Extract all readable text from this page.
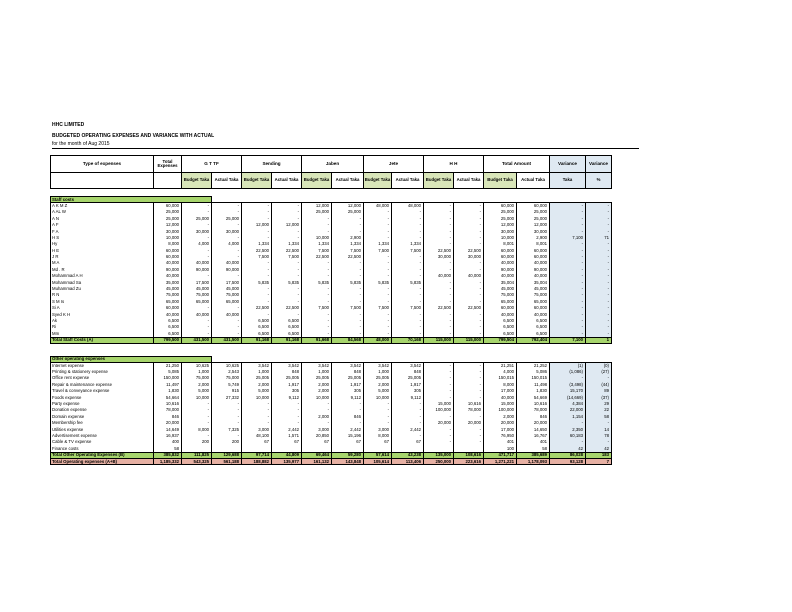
HHC LIMITED
BUDGETED OPERATING EXPENSES AND VARIANCE WITH ACTUAL
for the month of Aug 2015
Type of expenses	Total Expenses	G T TF		Sending		Jaben		Jete		H H		Total Amount		Variance	Variance
		Budget Taka	Actual Taka	Budget Taka	Actual Taka	Budget Taka	Actual Taka	Budget Taka	Actual Taka	Budget Taka	Actual Taka	Budget Taka	Actual Taka	Taka	%
Staff costs															
A K M Z	60,000	-	-	-	-	12,000	12,000	48,000	48,000	-	-	60,000	60,000	-	-
A AL W	25,000	-	-	-	-	25,000	25,000	-	-	-	-	25,000	25,000	-	-
A N	25,000	25,000	25,000	-	-	-	-	-	-	-	-	25,000	25,000	-	-
A F	12,000	-	-	12,000	12,000	-	-	-	-	-	-	12,000	12,000	-	-
F A	30,000	30,000	30,000	-	-	-	-	-	-	-	-	30,000	30,000	-	-
H S	10,000	-	-	-	-	10,000	2,900	-	-	-	-	10,000	2,900	7,100	71
Hy	8,000	4,000	4,000	1,334	1,334	1,334	1,334	1,334	1,334	-	-	8,001	8,001	-	-
H E	60,000	-	-	22,500	22,500	7,500	7,500	7,500	7,500	22,500	22,500	60,000	60,000	-	-
J R	60,000	-	-	7,500	7,500	22,500	22,500	-	-	30,000	30,000	60,000	60,000	-	-
M A	40,000	40,000	40,000	-	-	-	-	-	-	-	-	40,000	40,000	-	-
Md . R	90,000	90,000	90,000	-	-	-	-	-	-	-	-	90,000	90,000	-	-
Mohammad A H	40,000	-	-	-	-	-	-	-	-	40,000	40,000	40,000	40,000	-	-
Mohammad Sa	35,000	17,500	17,500	5,835	5,835	5,835	5,835	5,835	5,835	-	-	35,004	35,004	-	-
Muhammad Zu	45,000	45,000	45,000	-	-	-	-	-	-	-	-	45,000	45,000	-	-
R N	75,000	75,000	75,000	-	-	-	-	-	-	-	-	75,000	75,000	-	-
S M Is	65,000	65,000	65,000	-	-	-	-	-	-	-	-	65,000	65,000	-	-
Si A	60,000	-	-	22,500	22,500	7,500	7,500	7,500	7,500	22,500	22,500	60,000	60,000	-	-
Syed K H	40,000	40,000	40,000	-	-	-	-	-	-	-	-	40,000	40,000	-	-
Ak	6,500	-	-	6,500	6,500	-	-	-	-	-	-	6,500	6,500	-	-
Ri	6,500	-	-	6,500	6,500	-	-	-	-	-	-	6,500	6,500	-	-
Mm	6,500	-	-	6,500	6,500	-	-	-	-	-	-	6,500	6,500	-	-
Total Staff Costs (A)	799,500	431,500	431,500	91,168	91,168	91,668	84,568	48,000	70,168	115,000	115,000	799,504	792,404	7,100	1

Other operating expenses															
Internet expense	21,250	10,625	10,625	3,542	3,542	3,542	3,542	3,542	3,542	-	-	21,251	21,252	(1)	(0)
Printing & stationery expense	5,085	1,000	2,543	1,000	848	1,000	848	1,000	848	-	-	4,000	5,086	(1,086)	(27)
Office rent expense	150,000	75,000	75,000	25,005	25,005	25,005	25,005	25,005	25,005	-	-	150,015	150,015	-	-
Repair & maintenance expense	11,497	2,000	5,749	2,000	1,917	2,000	1,917	2,000	1,917	-	-	8,000	11,498	(3,498)	(44)
Travel & conveyance expense	1,830	5,000	915	5,000	305	2,000	305	5,000	305	-	-	17,000	1,830	15,170	89
Foods expense	54,664	10,000	27,332	10,000	9,112	10,000	9,112	10,000	9,112	-	-	40,000	54,669	(14,669)	(37)
Party expense	10,616	-	-	-	-	-	-	-	-	15,000	10,616	15,000	10,616	4,384	29
Donation expense	78,000	-	-	-	-	-	-	-	-	100,000	78,000	100,000	78,000	22,000	22
Domain expense	846	-	-	-	-	2,000	846	-	-	-	-	2,000	846	1,154	58
Membership fee	20,000	-	-	-	-	-	-	-	-	20,000	20,000	20,000	20,000	-	-
Utilities expense	14,649	8,000	7,325	3,000	2,442	3,000	2,442	3,000	2,442	-	-	17,000	14,650	2,350	14
Advertisement expense	16,937	-	-	48,100	1,571	20,850	15,196	8,000	-	-	-	76,950	16,767	60,183	78
Cable & TV expense	400	200	200	67	67	67	67	67	67	-	-	401	401	-	-
Finance costs	58											100	58	42	42
Total Other Operating Expenses (B)	385,832	111,825	129,688	97,714	44,809	69,464	59,280	57,614	43,238	135,000	108,616	471,717	385,689	86,028	183
Total Operating expenses (A+B)	1,185,332	543,325	561,188	188,882	135,977	161,132	143,848	105,614	113,406	250,000	223,616	1,271,221	1,178,093	93,128	7
